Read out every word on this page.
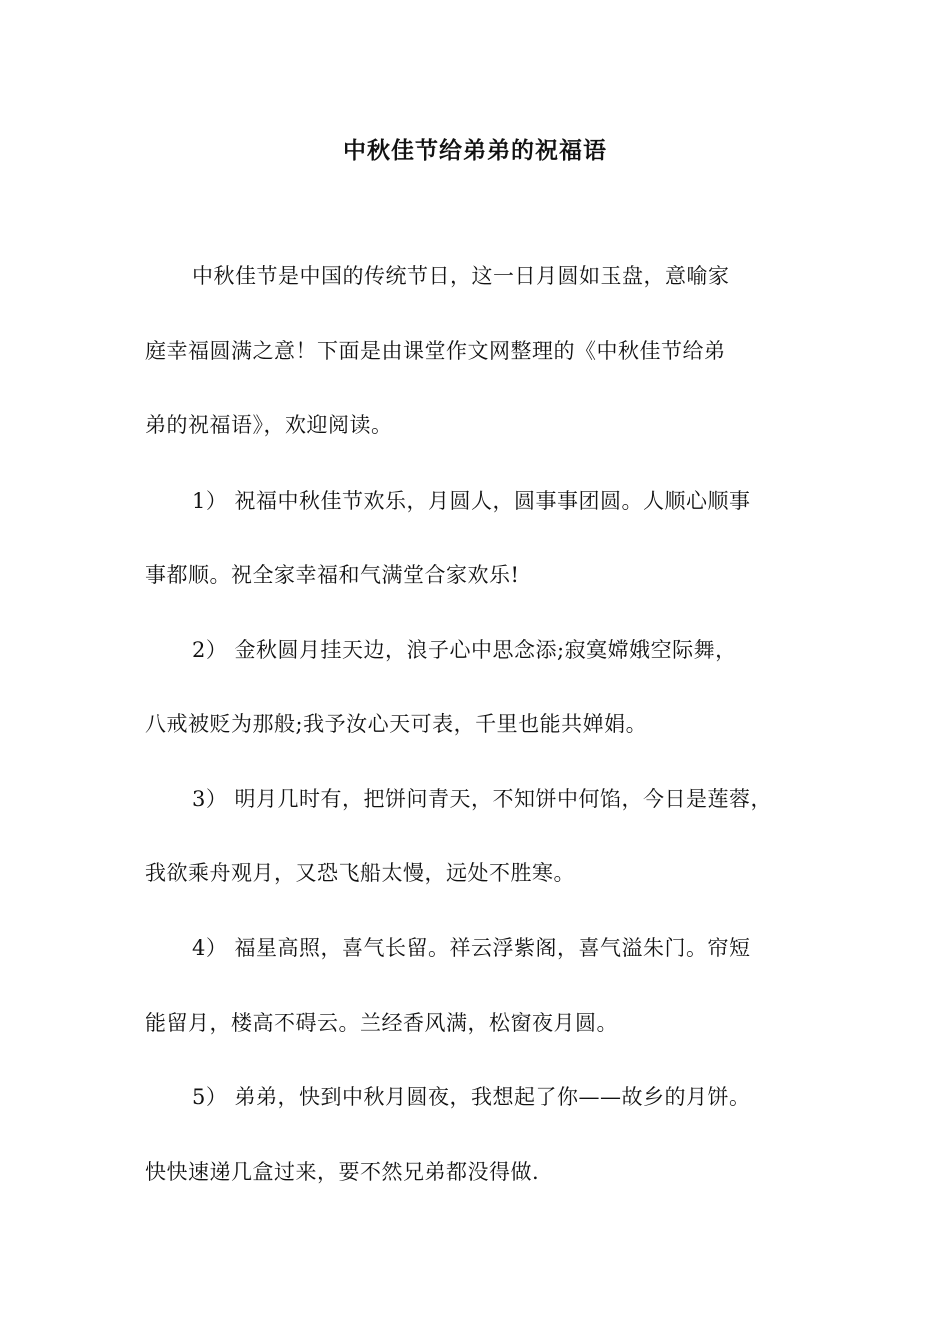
中秋佳节给弟弟的祝福语
中秋佳节是中国的传统节日，这一日月圆如玉盘，意喻家
庭幸福圆满之意！下面是由课堂作文网整理的《中秋佳节给弟
弟的祝福语》，欢迎阅读。
1） 祝福中秋佳节欢乐，月圆人，圆事事团圆。人顺心顺事
事都顺。祝全家幸福和气满堂合家欢乐!
2） 金秋圆月挂天边，浪子心中思念添;寂寞嫦娥空际舞，
八戒被贬为那般;我予汝心天可表，千里也能共婵娟。
3） 明月几时有，把饼问青天，不知饼中何馅，今日是莲蓉，
我欲乘舟观月，又恐飞船太慢，远处不胜寒。
4） 福星高照，喜气长留。祥云浮紫阁，喜气溢朱门。帘短
能留月，楼高不碍云。兰经香风满，松窗夜月圆。
5） 弟弟，快到中秋月圆夜，我想起了你——故乡的月饼。
快快速递几盒过来，要不然兄弟都没得做.
